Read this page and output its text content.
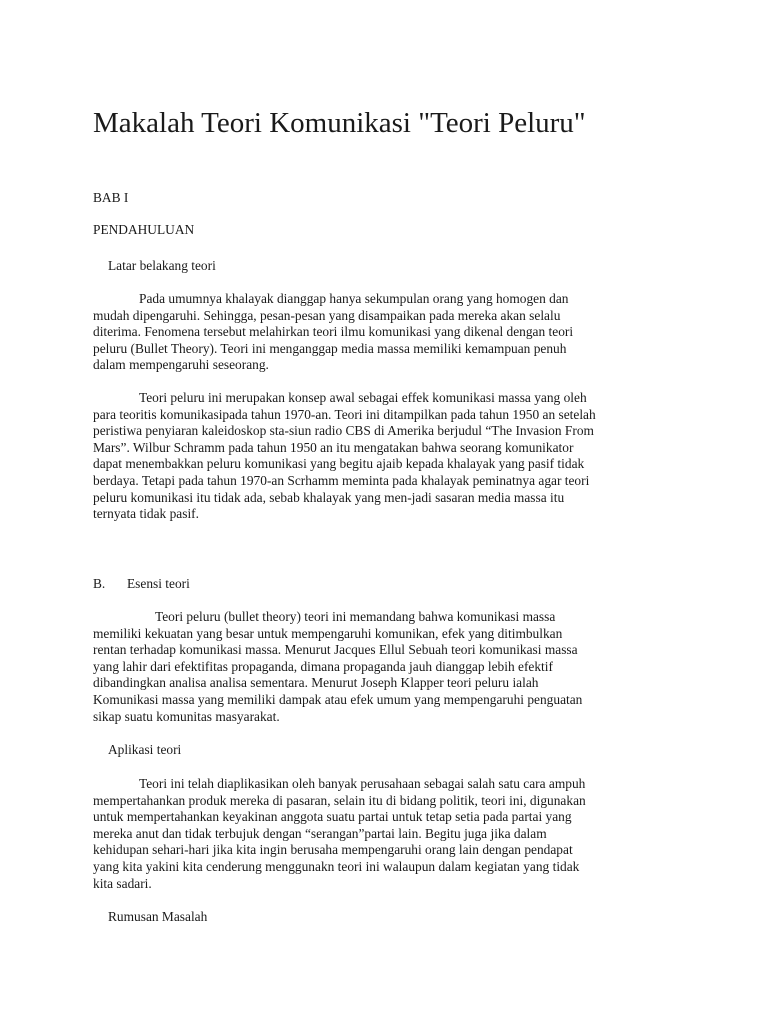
Makalah Teori Komunikasi "Teori Peluru"
BAB I
PENDAHULUAN
Latar belakang teori
Pada umumnya khalayak dianggap hanya sekumpulan orang yang homogen dan
mudah dipengaruhi. Sehingga, pesan-pesan yang disampaikan pada mereka akan selalu
diterima. Fenomena tersebut melahirkan teori ilmu komunikasi yang dikenal dengan teori
peluru (Bullet Theory). Teori ini menganggap media massa memiliki kemampuan penuh
dalam mempengaruhi seseorang.
Teori peluru ini merupakan konsep awal sebagai effek komunikasi massa yang oleh
para teoritis komunikasipada tahun 1970-an. Teori ini ditampilkan pada tahun 1950 an setelah
peristiwa penyiaran kaleidoskop sta-siun radio CBS di Amerika berjudul “The Invasion From
Mars”. Wilbur Schramm pada tahun 1950 an itu mengatakan bahwa seorang komunikator
dapat menembakkan peluru komunikasi yang begitu ajaib kepada khalayak yang pasif tidak
berdaya. Tetapi pada tahun 1970-an Scrhamm meminta pada khalayak peminatnya agar teori
peluru komunikasi itu tidak ada, sebab khalayak yang men-jadi sasaran media massa itu
ternyata tidak pasif.
B. Esensi teori
Teori peluru (bullet theory) teori ini memandang bahwa komunikasi massa
memiliki kekuatan yang besar untuk mempengaruhi komunikan, efek yang ditimbulkan
rentan terhadap komunikasi massa. Menurut Jacques Ellul Sebuah teori komunikasi massa
yang lahir dari efektifitas propaganda, dimana propaganda jauh dianggap lebih efektif
dibandingkan analisa analisa sementara. Menurut Joseph Klapper teori peluru ialah
Komunikasi massa yang memiliki dampak atau efek umum yang mempengaruhi penguatan
sikap suatu komunitas masyarakat.
Aplikasi teori
Teori ini telah diaplikasikan oleh banyak perusahaan sebagai salah satu cara ampuh
mempertahankan produk mereka di pasaran, selain itu di bidang politik, teori ini, digunakan
untuk mempertahankan keyakinan anggota suatu partai untuk tetap setia pada partai yang
mereka anut dan tidak terbujuk dengan “serangan”partai lain. Begitu juga jika dalam
kehidupan sehari-hari jika kita ingin berusaha mempengaruhi orang lain dengan pendapat
yang kita yakini kita cenderung menggunakn teori ini walaupun dalam kegiatan yang tidak
kita sadari.
Rumusan Masalah
